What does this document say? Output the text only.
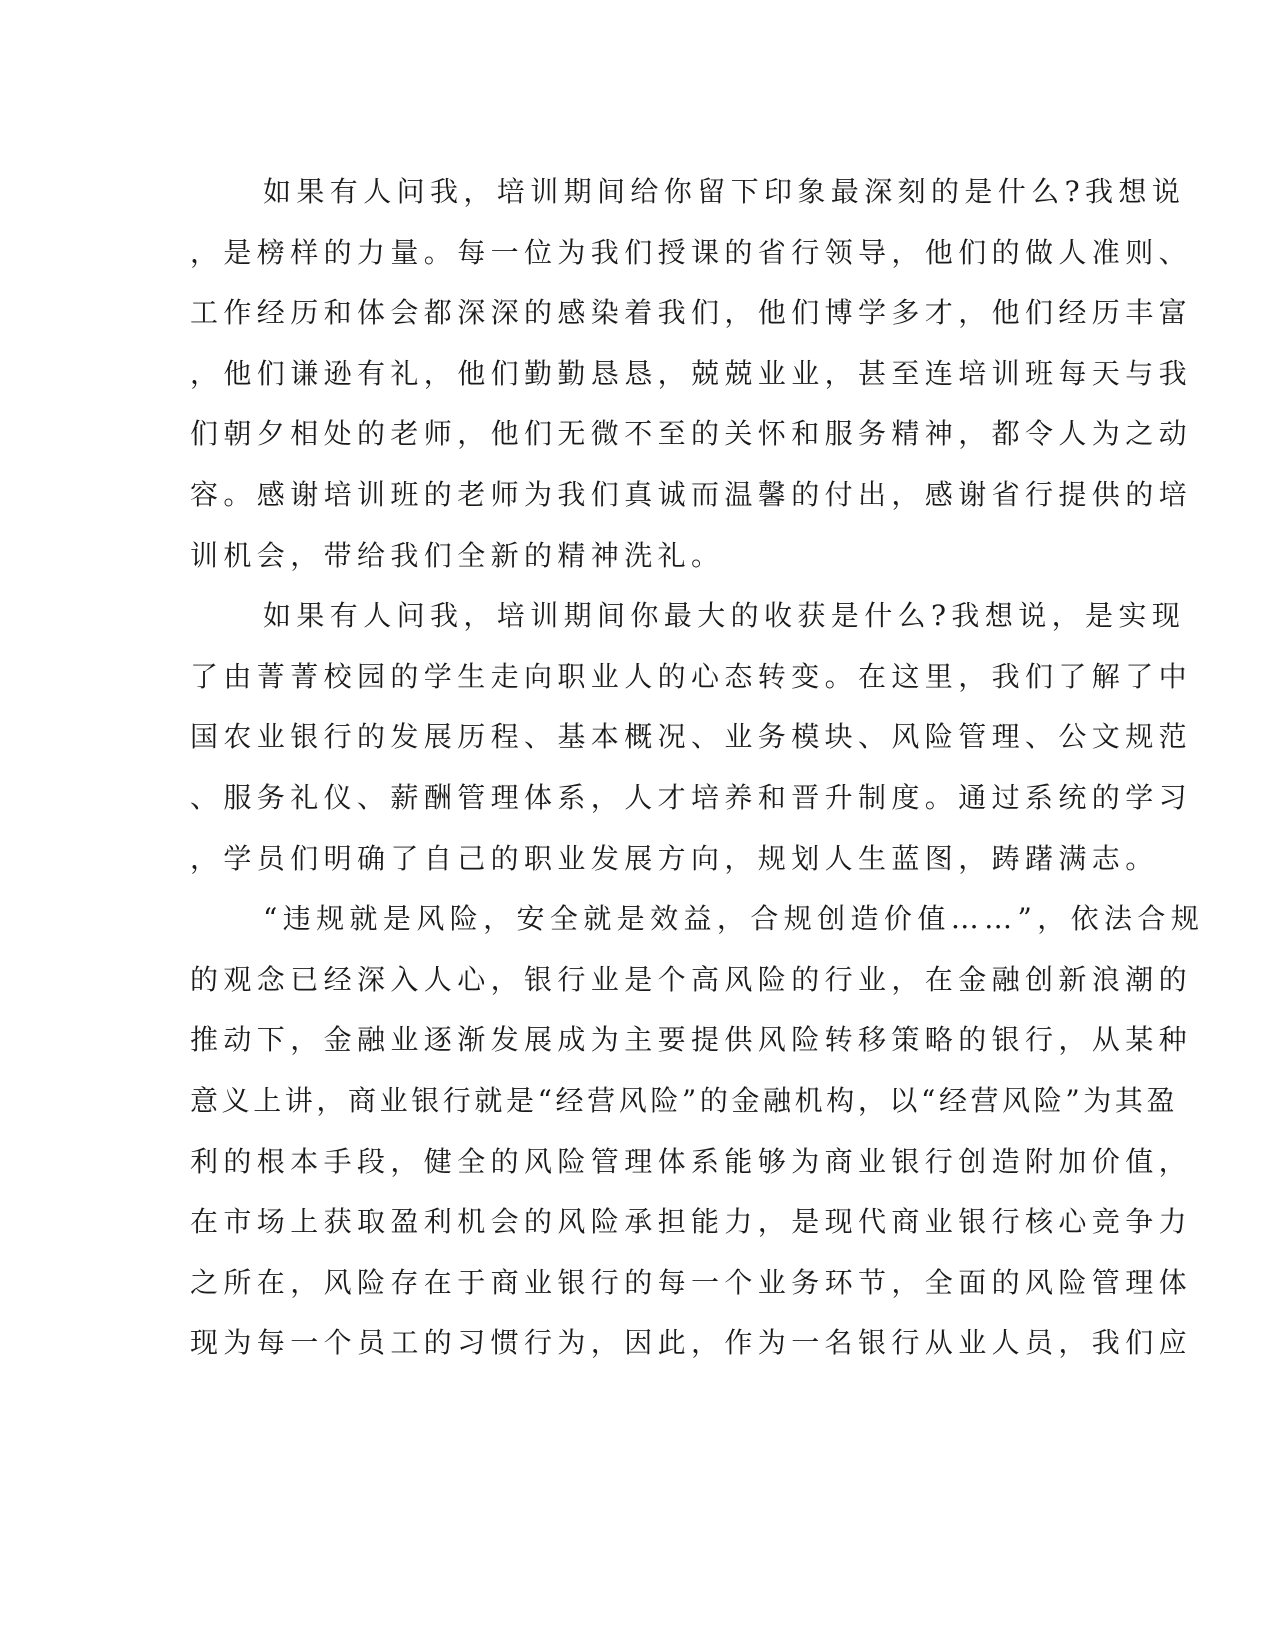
如果有人问我，培训期间给你留下印象最深刻的是什么?我想说
，是榜样的力量。每一位为我们授课的省行领导，他们的做人准则、
工作经历和体会都深深的感染着我们，他们博学多才，他们经历丰富
，他们谦逊有礼，他们勤勤恳恳，兢兢业业，甚至连培训班每天与我
们朝夕相处的老师，他们无微不至的关怀和服务精神，都令人为之动
容。感谢培训班的老师为我们真诚而温馨的付出，感谢省行提供的培
训机会，带给我们全新的精神洗礼。
如果有人问我，培训期间你最大的收获是什么?我想说，是实现
了由菁菁校园的学生走向职业人的心态转变。在这里，我们了解了中
国农业银行的发展历程、基本概况、业务模块、风险管理、公文规范
、服务礼仪、薪酬管理体系，人才培养和晋升制度。通过系统的学习
，学员们明确了自己的职业发展方向，规划人生蓝图，踌躇满志。
“违规就是风险，安全就是效益，合规创造价值……”，依法合规
的观念已经深入人心，银行业是个高风险的行业，在金融创新浪潮的
推动下，金融业逐渐发展成为主要提供风险转移策略的银行，从某种
意义上讲，商业银行就是“经营风险”的金融机构，以“经营风险”为其盈
利的根本手段，健全的风险管理体系能够为商业银行创造附加价值，
在市场上获取盈利机会的风险承担能力，是现代商业银行核心竞争力
之所在，风险存在于商业银行的每一个业务环节，全面的风险管理体
现为每一个员工的习惯行为，因此，作为一名银行从业人员，我们应
